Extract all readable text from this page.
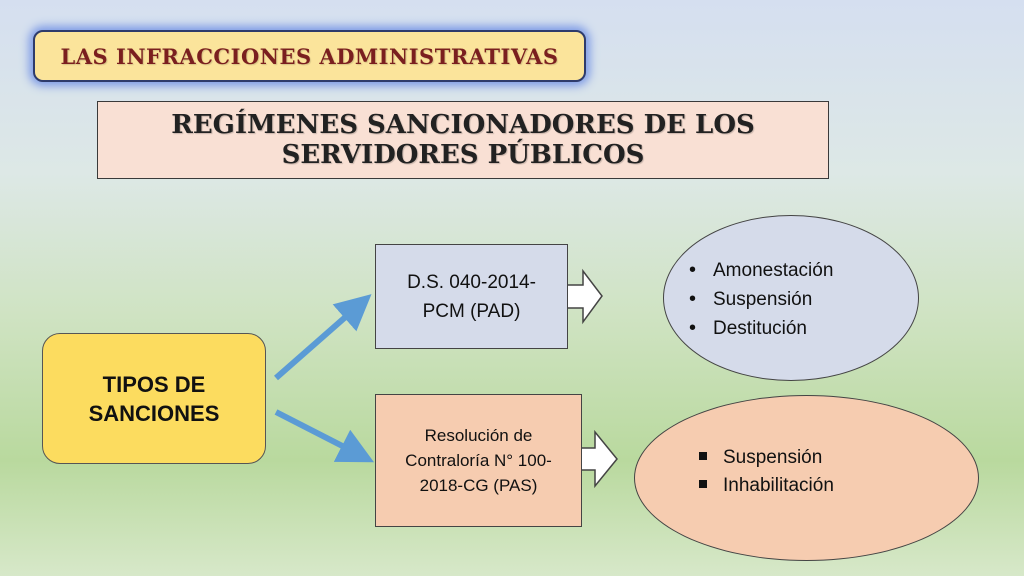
LAS INFRACCIONES ADMINISTRATIVAS
REGÍMENES SANCIONADORES DE LOS SERVIDORES PÚBLICOS
TIPOS DE SANCIONES
D.S. 040-2014-PCM (PAD)
Resolución de Contraloría N° 100-2018-CG (PAS)
•
Amonestación
•
Suspensión
•
Destitución
Suspensión
Inhabilitación
